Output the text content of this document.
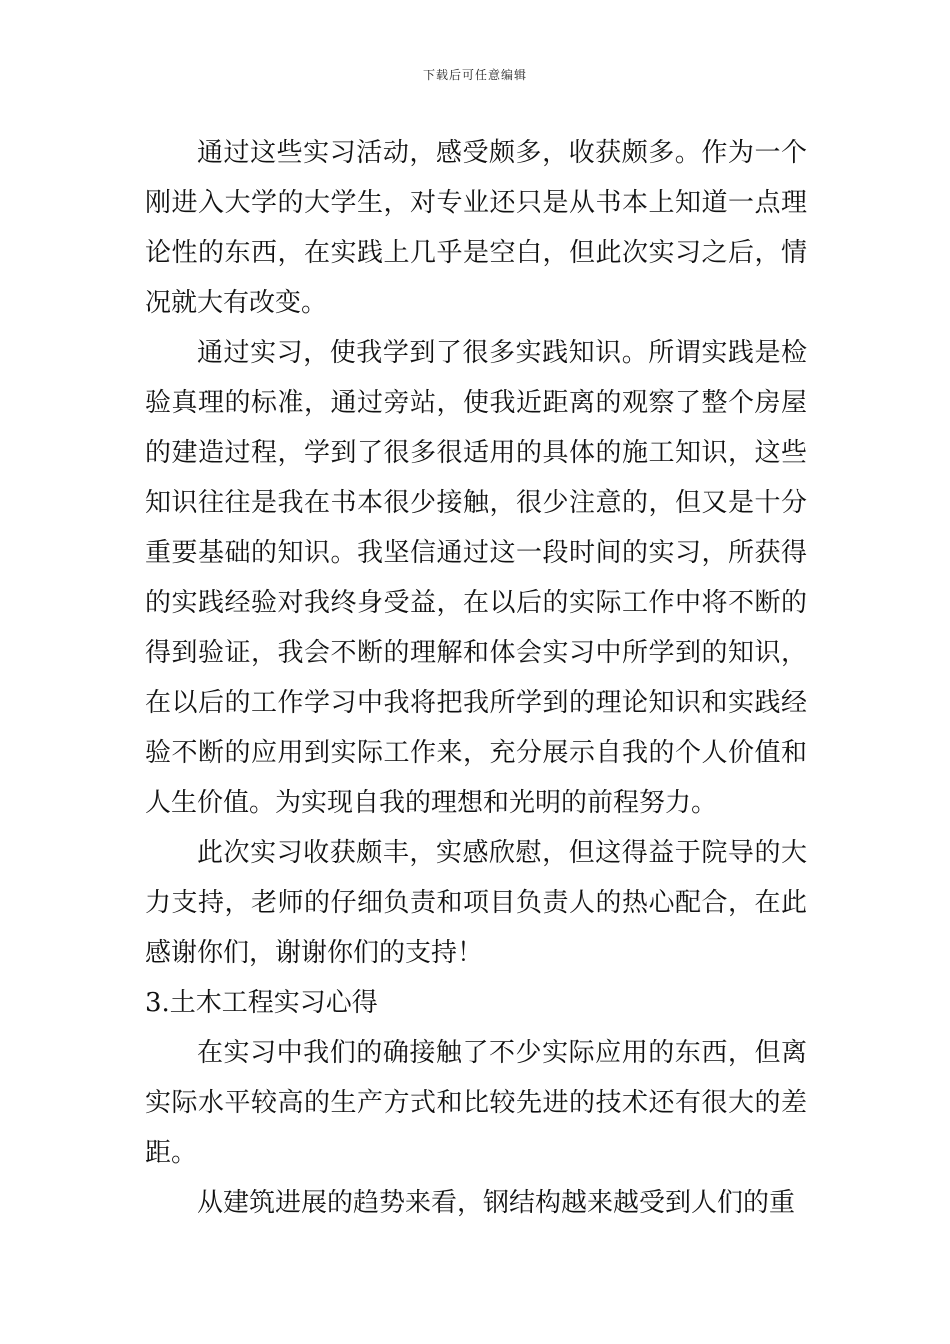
下载后可任意编辑

通过这些实习活动，感受颇多，收获颇多。作为一个刚进入大学的大学生，对专业还只是从书本上知道一点理论性的东西，在实践上几乎是空白，但此次实习之后，情况就大有改变。

通过实习，使我学到了很多实践知识。所谓实践是检验真理的标准，通过旁站，使我近距离的观察了整个房屋的建造过程，学到了很多很适用的具体的施工知识，这些知识往往是我在书本很少接触，很少注意的，但又是十分重要基础的知识。我坚信通过这一段时间的实习，所获得的实践经验对我终身受益，在以后的实际工作中将不断的得到验证，我会不断的理解和体会实习中所学到的知识，在以后的工作学习中我将把我所学到的理论知识和实践经验不断的应用到实际工作来，充分展示自我的个人价值和人生价值。为实现自我的理想和光明的前程努力。

此次实习收获颇丰，实感欣慰，但这得益于院导的大力支持，老师的仔细负责和项目负责人的热心配合，在此感谢你们，谢谢你们的支持！

3.土木工程实习心得

在实习中我们的确接触了不少实际应用的东西，但离实际水平较高的生产方式和比较先进的技术还有很大的差距。

从建筑进展的趋势来看，钢结构越来越受到人们的重
